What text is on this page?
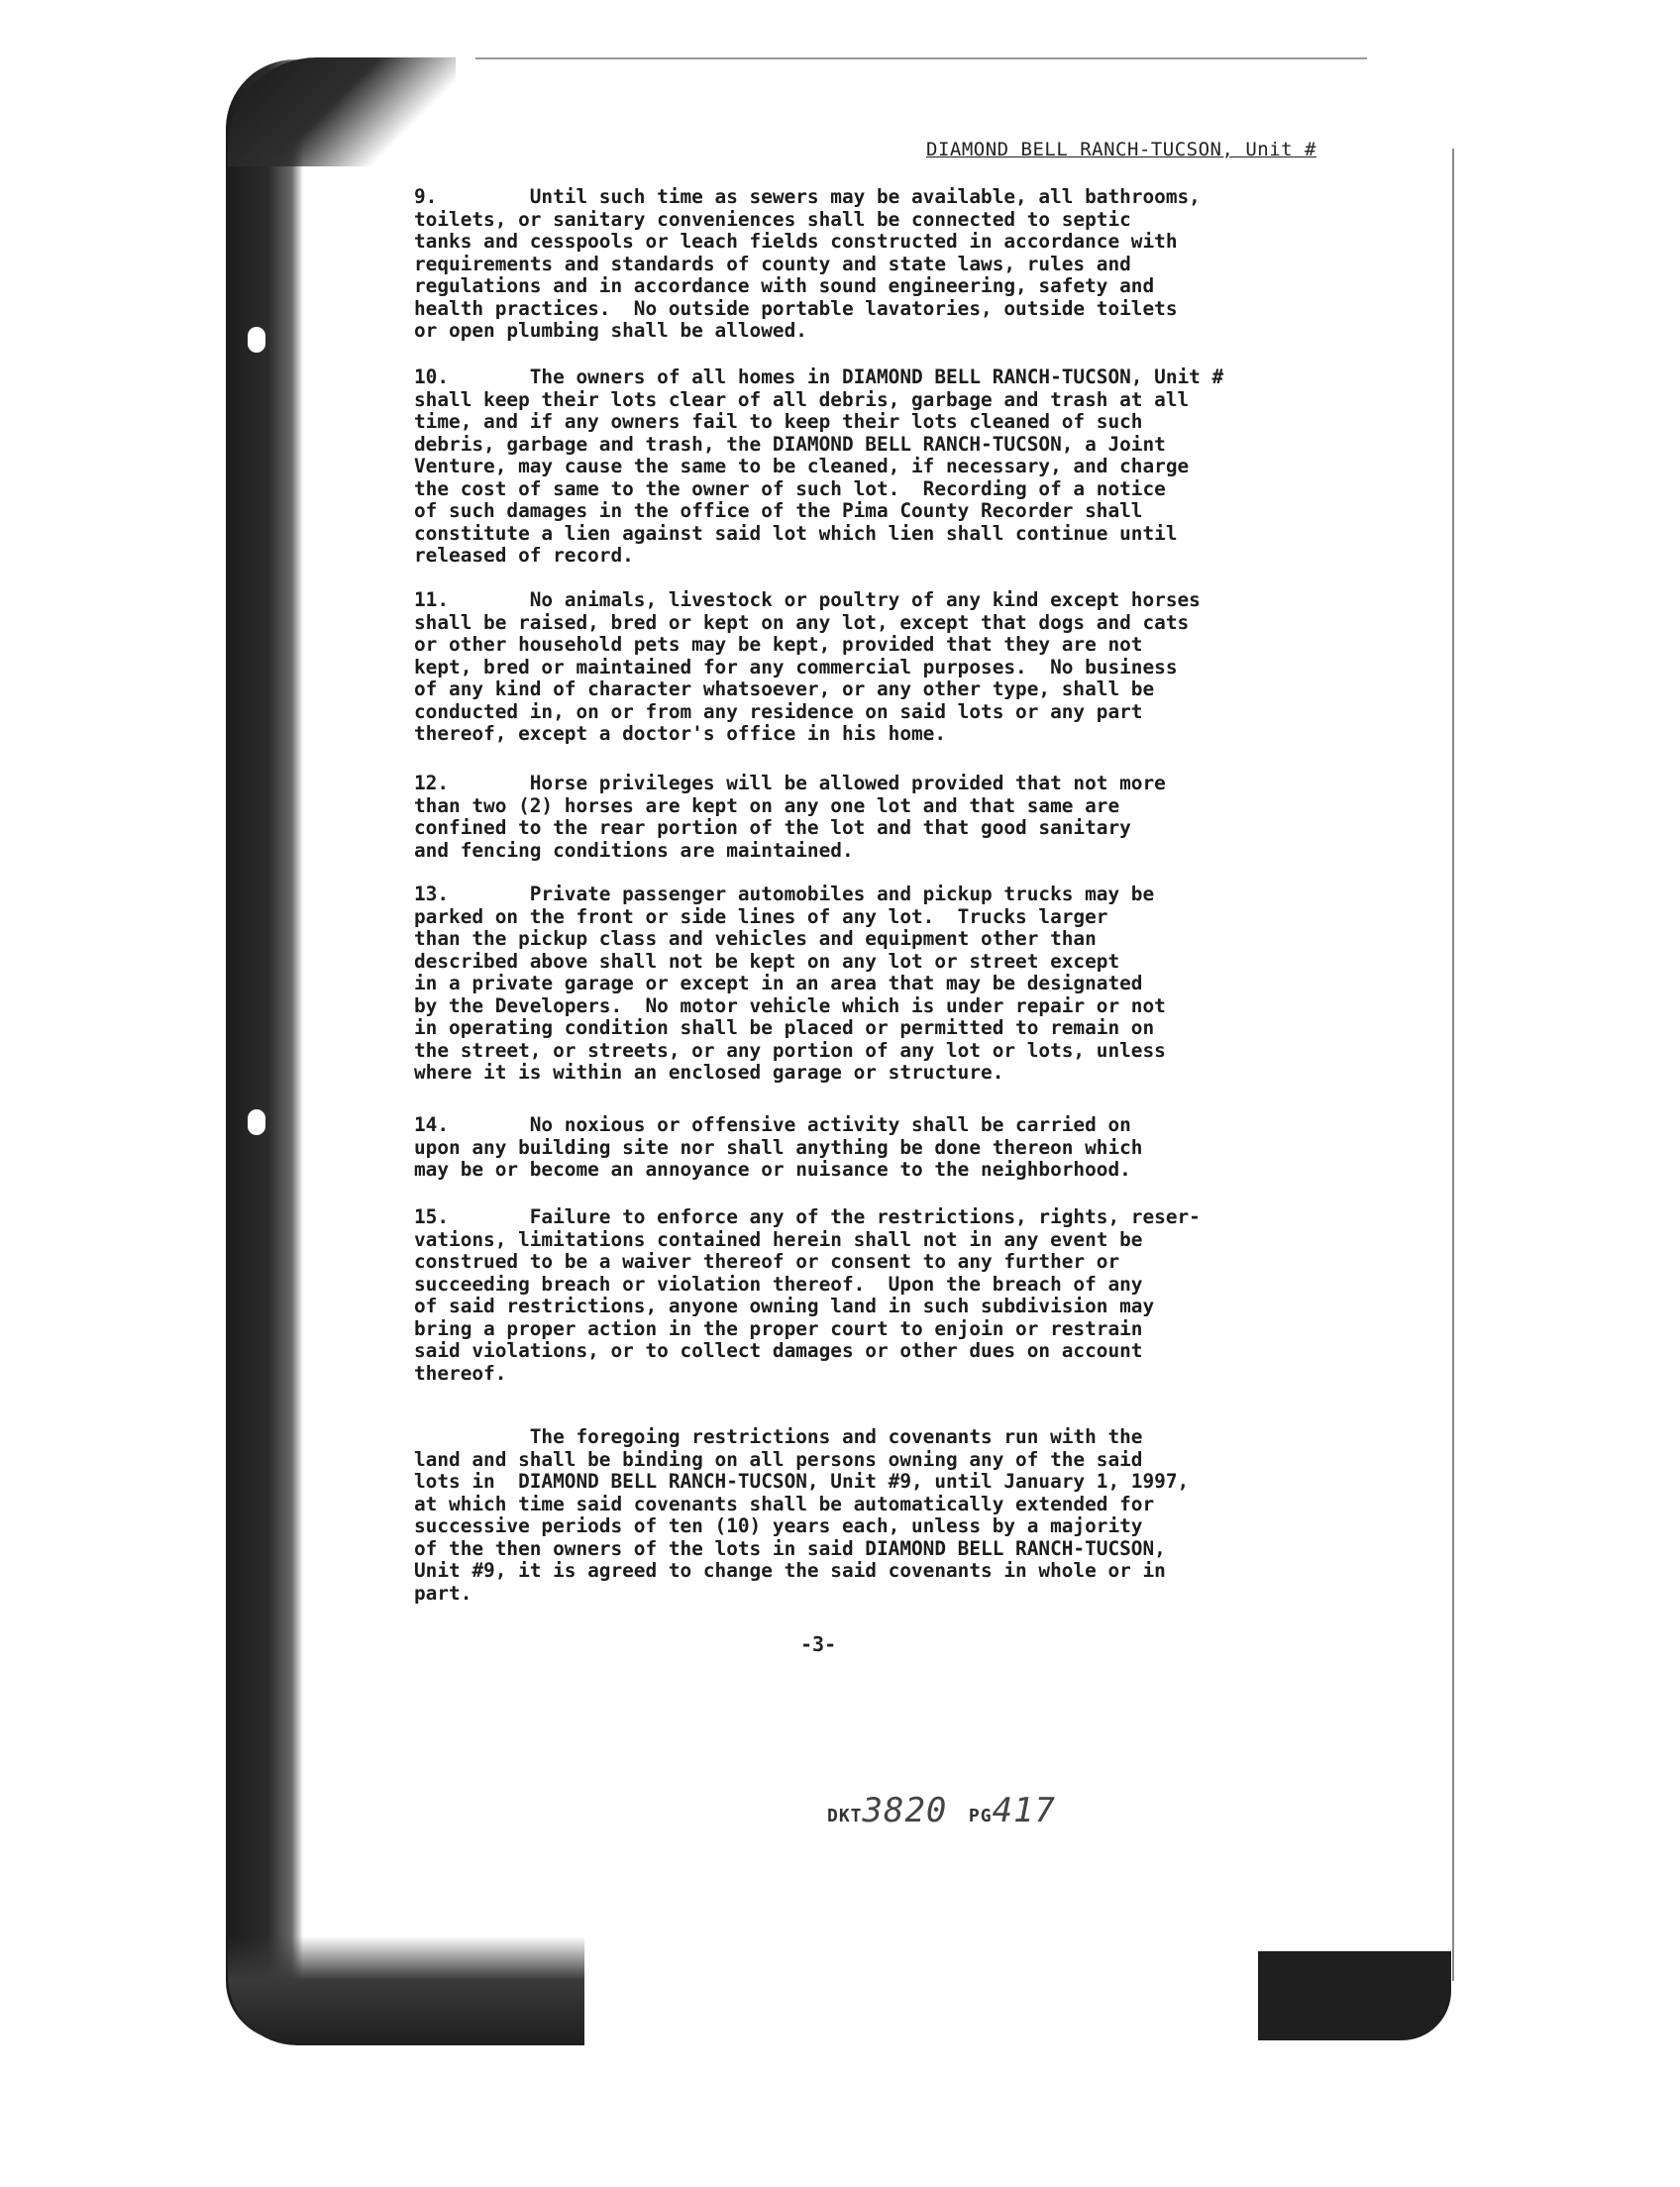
DIAMOND BELL RANCH-TUCSON, Unit #
9.        Until such time as sewers may be available, all bathrooms,
toilets, or sanitary conveniences shall be connected to septic
tanks and cesspools or leach fields constructed in accordance with
requirements and standards of county and state laws, rules and
regulations and in accordance with sound engineering, safety and
health practices.  No outside portable lavatories, outside toilets
or open plumbing shall be allowed.
10.       The owners of all homes in DIAMOND BELL RANCH-TUCSON, Unit #
shall keep their lots clear of all debris, garbage and trash at all
time, and if any owners fail to keep their lots cleaned of such
debris, garbage and trash, the DIAMOND BELL RANCH-TUCSON, a Joint
Venture, may cause the same to be cleaned, if necessary, and charge
the cost of same to the owner of such lot.  Recording of a notice
of such damages in the office of the Pima County Recorder shall
constitute a lien against said lot which lien shall continue until
released of record.
11.       No animals, livestock or poultry of any kind except horses
shall be raised, bred or kept on any lot, except that dogs and cats
or other household pets may be kept, provided that they are not
kept, bred or maintained for any commercial purposes.  No business
of any kind of character whatsoever, or any other type, shall be
conducted in, on or from any residence on said lots or any part
thereof, except a doctor's office in his home.
12.       Horse privileges will be allowed provided that not more
than two (2) horses are kept on any one lot and that same are
confined to the rear portion of the lot and that good sanitary
and fencing conditions are maintained.
13.       Private passenger automobiles and pickup trucks may be
parked on the front or side lines of any lot.  Trucks larger
than the pickup class and vehicles and equipment other than
described above shall not be kept on any lot or street except
in a private garage or except in an area that may be designated
by the Developers.  No motor vehicle which is under repair or not
in operating condition shall be placed or permitted to remain on
the street, or streets, or any portion of any lot or lots, unless
where it is within an enclosed garage or structure.
14.       No noxious or offensive activity shall be carried on
upon any building site nor shall anything be done thereon which
may be or become an annoyance or nuisance to the neighborhood.
15.       Failure to enforce any of the restrictions, rights, reser-
vations, limitations contained herein shall not in any event be
construed to be a waiver thereof or consent to any further or
succeeding breach or violation thereof.  Upon the breach of any
of said restrictions, anyone owning land in such subdivision may
bring a proper action in the proper court to enjoin or restrain
said violations, or to collect damages or other dues on account
thereof.
The foregoing restrictions and covenants run with the
land and shall be binding on all persons owning any of the said
lots in  DIAMOND BELL RANCH-TUCSON, Unit #9, until January 1, 1997,
at which time said covenants shall be automatically extended for
successive periods of ten (10) years each, unless by a majority
of the then owners of the lots in said DIAMOND BELL RANCH-TUCSON,
Unit #9, it is agreed to change the said covenants in whole or in
part.
-3-
DKT3820 PG417
